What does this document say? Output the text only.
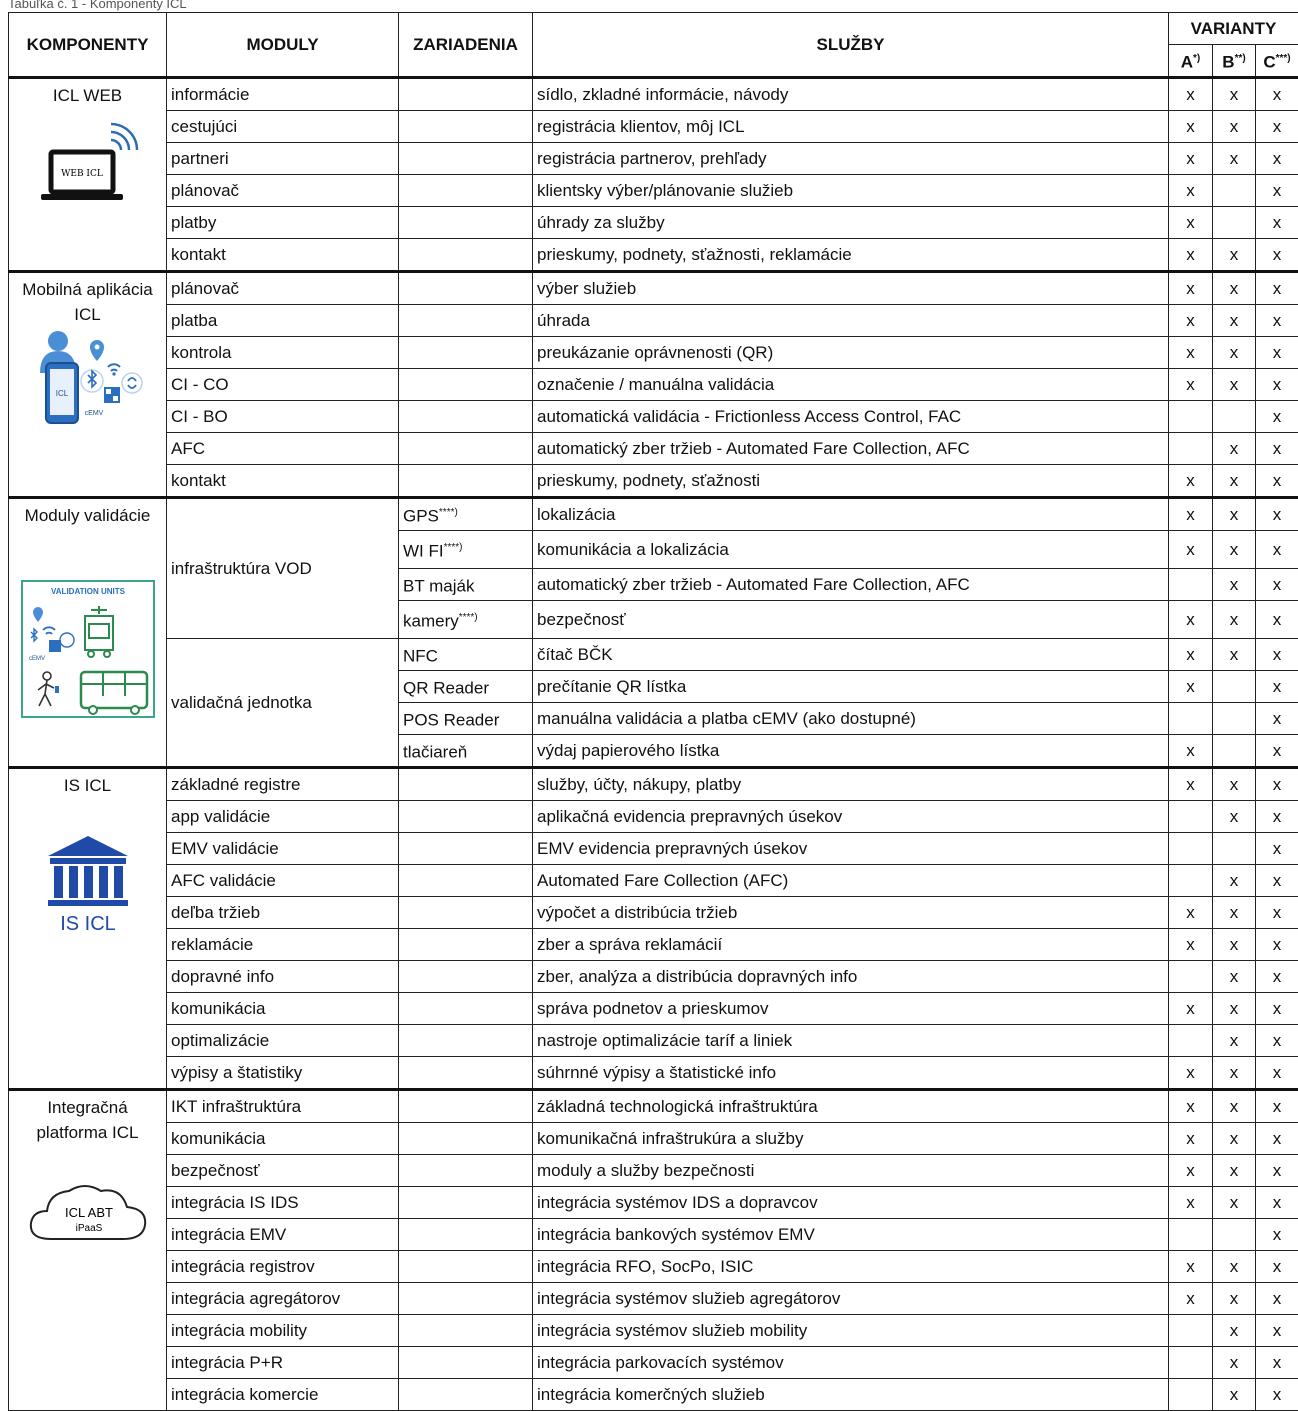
Tabuľka č. 1 - Komponenty ICL
KOMPONENTY	MODULY	ZARIADENIA	SLUŽBY	VARIANTY		
				A*)	B**)	C***)

ICL WEB
WEB ICL	informácie		sídlo, zkladné informácie, návody	x	x	x
	cestujúci		registrácia klientov, môj ICL	x	x	x
	partneri		registrácia partnerov, prehľady	x	x	x
	plánovač		klientsky výber/plánovanie služieb	x		x
	platby		úhrady za služby	x		x
	kontakt		prieskumy, podnety, sťažnosti, reklamácie	x	x	x

Mobilná aplikácia ICL
ICL
cEMV	plánovač		výber služieb	x	x	x
	platba		úhrada	x	x	x
	kontrola		preukázanie oprávnenosti (QR)	x	x	x
	CI - CO		označenie / manuálna validácia	x	x	x
	CI - BO		automatická validácia - Frictionless Access Control, FAC			x
	AFC		automatický zber tržieb - Automated Fare Collection, AFC		x	x
	kontakt		prieskumy, podnety, sťažnosti	x	x	x

Moduly validácie
VALIDATION UNITS
cEMV	infraštruktúra VOD	GPS****)	lokalizácia	x	x	x
		WI FI****)	komunikácia a lokalizácia	x	x	x
		BT maják	automatický zber tržieb - Automated Fare Collection, AFC		x	x
		kamery****)	bezpečnosť	x	x	x
	validačná jednotka	NFC	čítač BČK	x	x	x
		QR Reader	prečítanie QR lístka	x		x
		POS Reader	manuálna validácia a platba cEMV (ako dostupné)			x
		tlačiareň	výdaj papierového lístka	x		x

IS ICL
IS ICL	základné registre		služby, účty, nákupy, platby	x	x	x
	app validácie		aplikačná evidencia prepravných úsekov		x	x
	EMV validácie		EMV evidencia prepravných úsekov			x
	AFC validácie		Automated Fare Collection (AFC)		x	x
	deľba tržieb		výpočet a distribúcia tržieb	x	x	x
	reklamácie		zber a správa reklamácií	x	x	x
	dopravné info		zber, analýza a distribúcia dopravných info		x	x
	komunikácia		správa podnetov a prieskumov	x	x	x
	optimalizácie		nastroje optimalizácie taríf a liniek		x	x
	výpisy a štatistiky		súhrnné výpisy a štatistické info	x	x	x

Integračná platforma ICL
ICL ABT
iPaaS	IKT infraštruktúra		základná technologická infraštruktúra	x	x	x
	komunikácia		komunikačná infraštrukúra a služby	x	x	x
	bezpečnosť		moduly a služby bezpečnosti	x	x	x
	integrácia IS IDS		integrácia systémov IDS a dopravcov	x	x	x
	integrácia EMV		integrácia bankových systémov EMV			x
	integrácia registrov		integrácia RFO, SocPo, ISIC	x	x	x
	integrácia agregátorov		integrácia systémov služieb agregátorov	x	x	x
	integrácia mobility		integrácia systémov služieb mobility		x	x
	integrácia P+R		integrácia parkovacích systémov		x	x
	integrácia komercie		integrácia komerčných služieb		x	x
